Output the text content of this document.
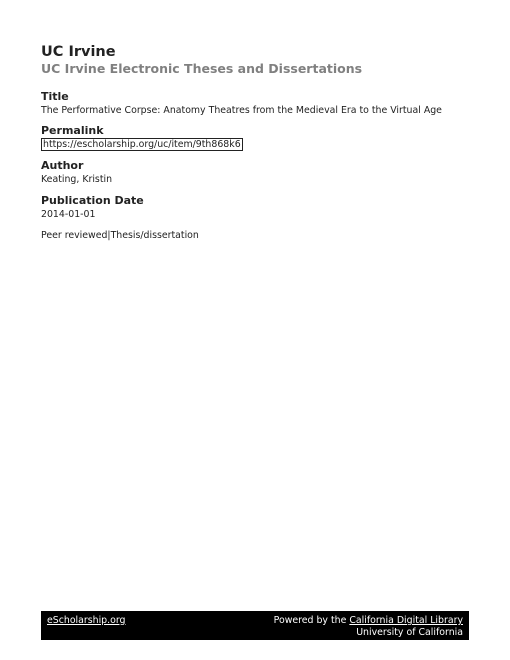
UC Irvine
UC Irvine Electronic Theses and Dissertations
Title
The Performative Corpse: Anatomy Theatres from the Medieval Era to the Virtual Age
Permalink
https://escholarship.org/uc/item/9th868k6
Author
Keating, Kristin
Publication Date
2014-01-01
Peer reviewed|Thesis/dissertation
eScholarship.org	Powered by the California Digital Library
University of California
